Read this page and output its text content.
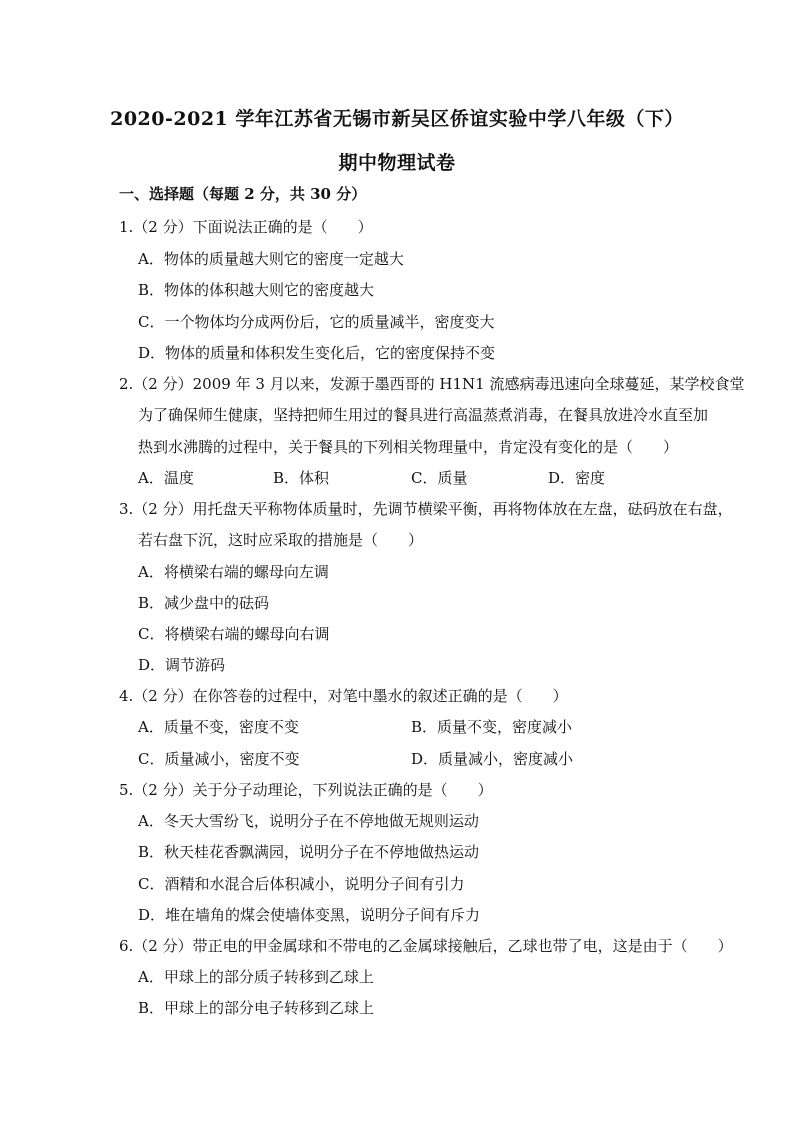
2020-2021 学年江苏省无锡市新吴区侨谊实验中学八年级（下）
期中物理试卷
一、选择题（每题 2 分，共 30 分）
1.（2 分）下面说法正确的是（　　）
A．物体的质量越大则它的密度一定越大
B．物体的体积越大则它的密度越大
C．一个物体均分成两份后，它的质量减半，密度变大
D．物体的质量和体积发生变化后，它的密度保持不变
2.（2 分）2009 年 3 月以来，发源于墨西哥的 H1N1 流感病毒迅速向全球蔓延，某学校食堂
为了确保师生健康，坚持把师生用过的餐具进行高温蒸煮消毒，在餐具放进冷水直至加
热到水沸腾的过程中，关于餐具的下列相关物理量中，肯定没有变化的是（　　）
A．温度	B．体积	C．质量	D．密度
3.（2 分）用托盘天平称物体质量时，先调节横梁平衡，再将物体放在左盘，砝码放在右盘，
若右盘下沉，这时应采取的措施是（　　）
A．将横梁右端的螺母向左调
B．减少盘中的砝码
C．将横梁右端的螺母向右调
D．调节游码
4.（2 分）在你答卷的过程中，对笔中墨水的叙述正确的是（　　）
A．质量不变，密度不变	B．质量不变，密度减小
C．质量减小，密度不变	D．质量减小，密度减小
5.（2 分）关于分子动理论，下列说法正确的是（　　）
A．冬天大雪纷飞，说明分子在不停地做无规则运动
B．秋天桂花香飘满园，说明分子在不停地做热运动
C．酒精和水混合后体积减小，说明分子间有引力
D．堆在墙角的煤会使墙体变黑，说明分子间有斥力
6.（2 分）带正电的甲金属球和不带电的乙金属球接触后，乙球也带了电，这是由于（　　）
A．甲球上的部分质子转移到乙球上
B．甲球上的部分电子转移到乙球上
